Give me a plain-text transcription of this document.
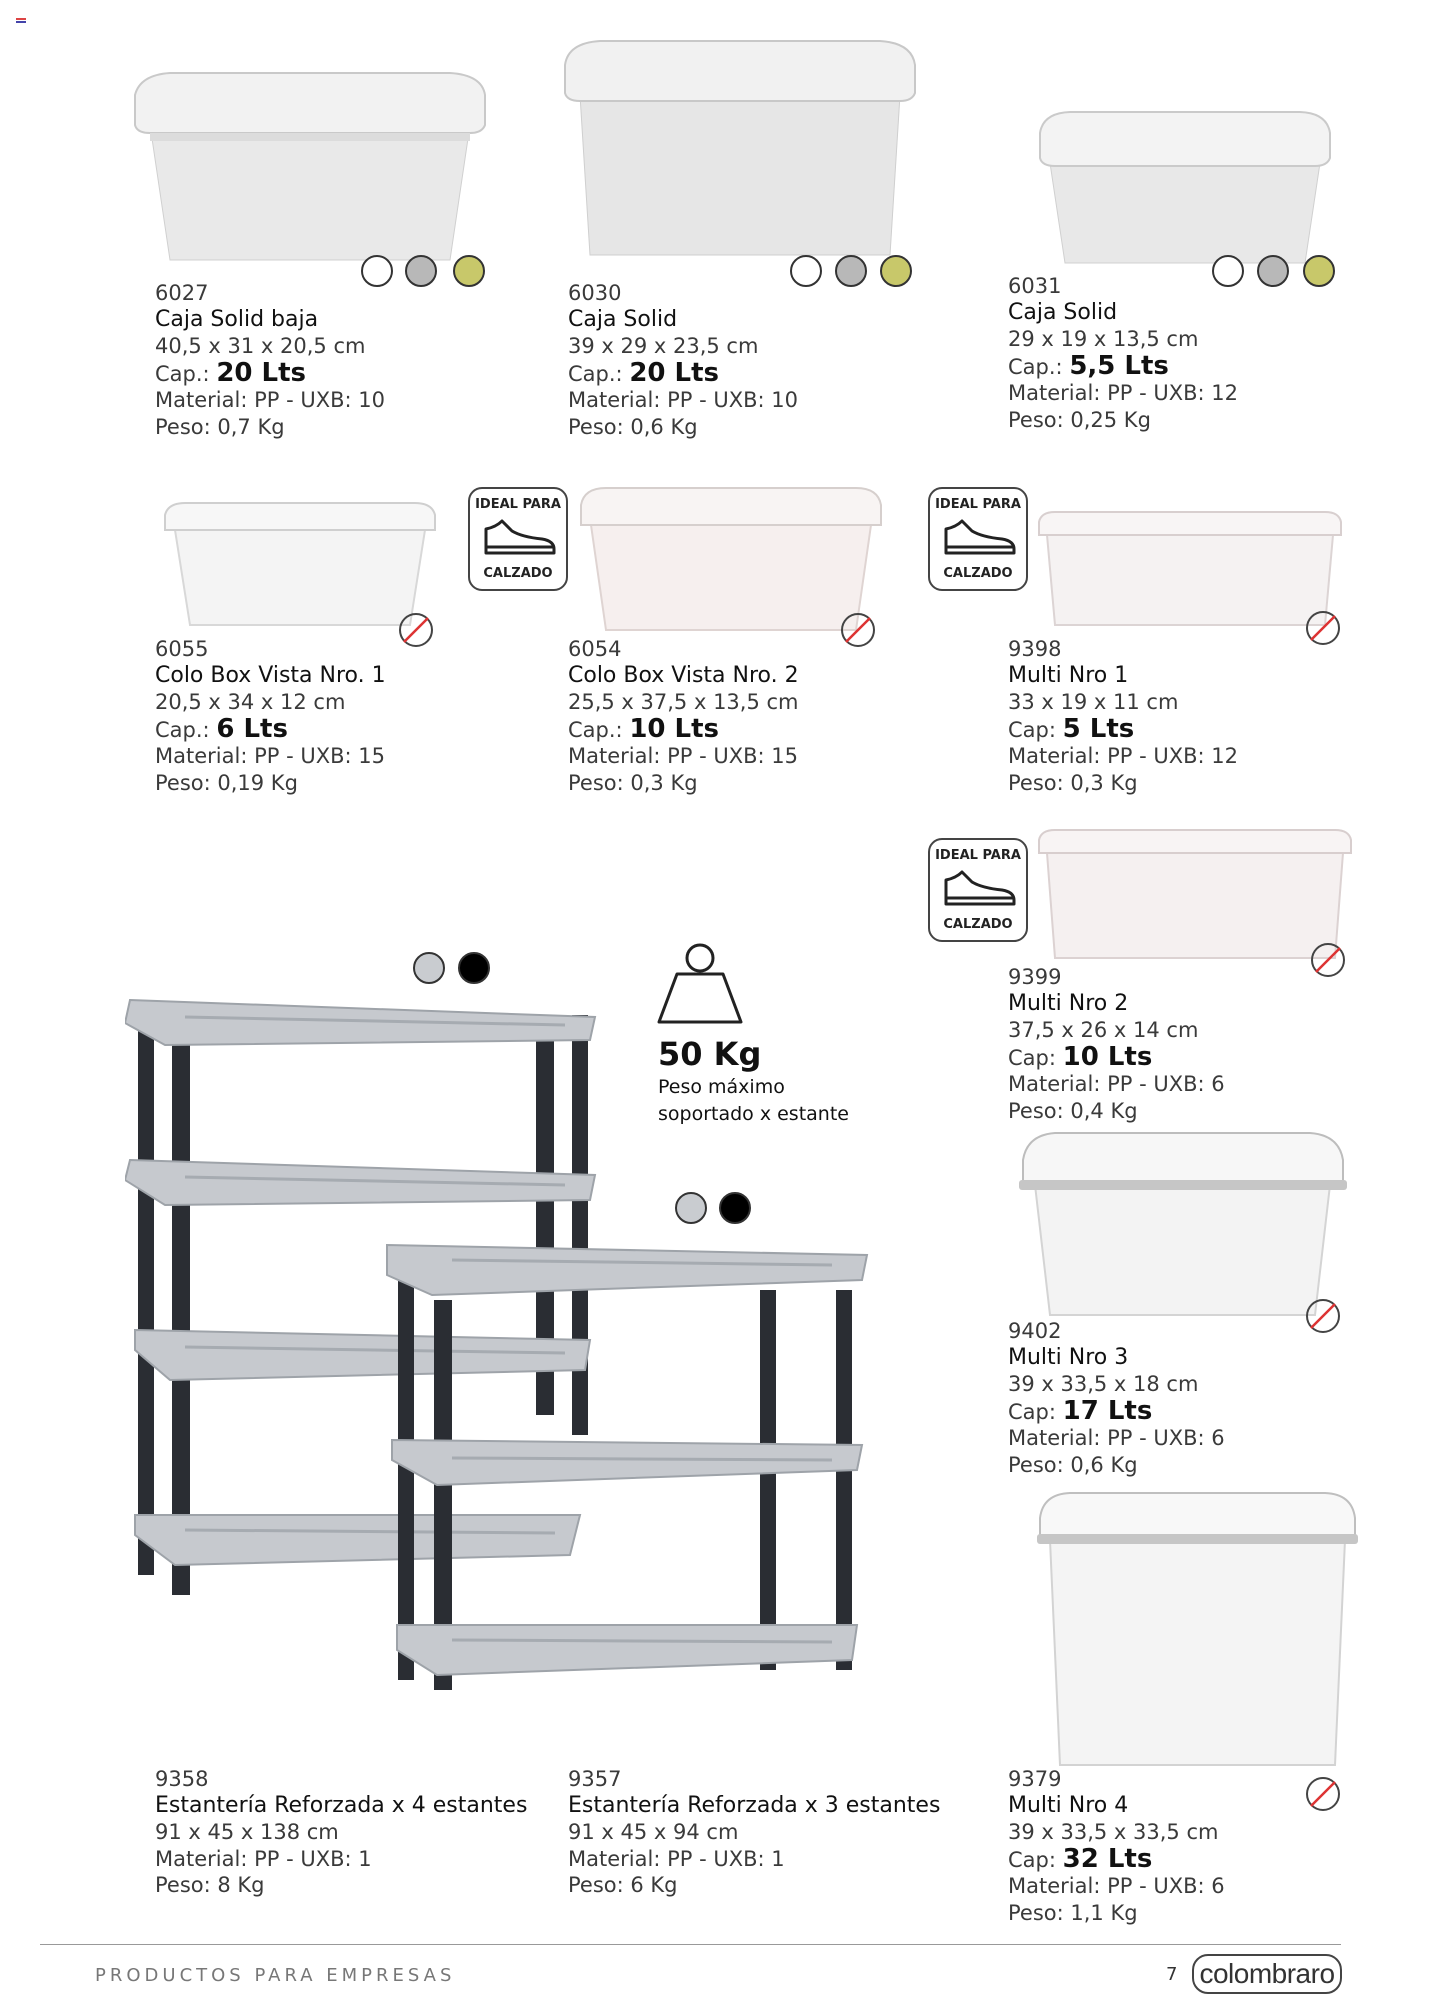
6027
Caja Solid baja
40,5 x 31 x 20,5 cm
Cap.: 20 Lts
Material: PP - UXB: 10
Peso: 0,7 Kg
6030
Caja Solid
39 x 29 x 23,5 cm
Cap.: 20 Lts
Material: PP - UXB: 10
Peso: 0,6 Kg
6031
Caja Solid
29 x 19 x 13,5 cm
Cap.: 5,5 Lts
Material: PP - UXB: 12
Peso: 0,25 Kg
IDEAL PARA
CALZADO
6055
Colo Box Vista Nro. 1
20,5 x 34 x 12 cm
Cap.: 6 Lts
Material: PP - UXB: 15
Peso: 0,19 Kg
IDEAL PARA
CALZADO
6054
Colo Box Vista Nro. 2
25,5 x 37,5 x 13,5 cm
Cap.: 10 Lts
Material: PP - UXB: 15
Peso: 0,3 Kg
9398
Multi Nro 1
33 x 19 x 11 cm
Cap: 5 Lts
Material: PP - UXB: 12
Peso: 0,3 Kg
IDEAL PARA
CALZADO
9399
Multi Nro 2
37,5 x 26 x 14 cm
Cap: 10 Lts
Material: PP - UXB: 6
Peso: 0,4 Kg
9402
Multi Nro 3
39 x 33,5 x 18 cm
Cap: 17 Lts
Material: PP - UXB: 6
Peso: 0,6 Kg
9379
Multi Nro 4
39 x 33,5 x 33,5 cm
Cap: 32 Lts
Material: PP - UXB: 6
Peso: 1,1 Kg
50 Kg
Peso máximo
soportado x estante
9358
Estantería Reforzada x 4 estantes
91 x 45 x 138 cm
Material: PP - UXB: 1
Peso: 8 Kg
9357
Estantería Reforzada x 3 estantes
91 x 45 x 94 cm
Material: PP - UXB: 1
Peso: 6 Kg
PRODUCTOS PARA EMPRESAS	7 colombraro
